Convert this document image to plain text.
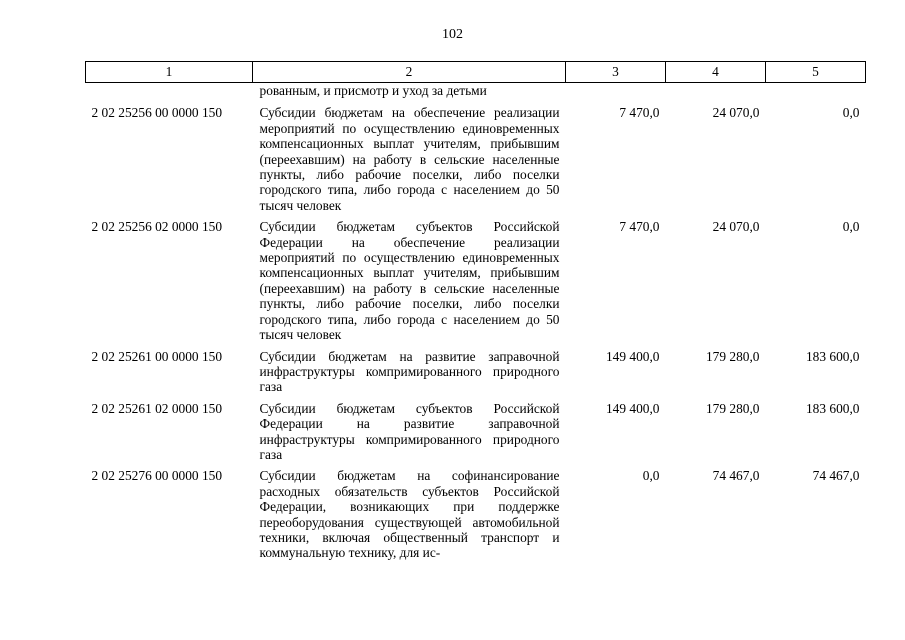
102
1	2	3	4	5
	рованным, и присмотр и уход за детьми			
2 02 25256 00 0000 150	Субсидии бюджетам на обеспечение реализации мероприятий по осуществлению единовременных компенсационных выплат учителям, прибывшим (переехавшим) на работу в сельские населенные пункты, либо рабочие поселки, либо поселки городского типа, либо города с населением до 50 тысяч человек	7 470,0	24 070,0	0,0
2 02 25256 02 0000 150	Субсидии бюджетам субъектов Российской Федерации на обеспечение реализации мероприятий по осуществлению единовременных компенсационных выплат учителям, прибывшим (переехавшим) на работу в сельские населенные пункты, либо рабочие поселки, либо поселки городского типа, либо города с населением до 50 тысяч человек	7 470,0	24 070,0	0,0
2 02 25261 00 0000 150	Субсидии бюджетам на развитие заправочной инфраструктуры компримированного природного газа	149 400,0	179 280,0	183 600,0
2 02 25261 02 0000 150	Субсидии бюджетам субъектов Российской Федерации на развитие заправочной инфраструктуры компримированного природного газа	149 400,0	179 280,0	183 600,0
2 02 25276 00 0000 150	Субсидии бюджетам на софинансирование расходных обязательств субъектов Российской Федерации, возникающих при поддержке переоборудования существующей автомобильной техники, включая общественный транспорт и коммунальную технику, для ис-	0,0	74 467,0	74 467,0
